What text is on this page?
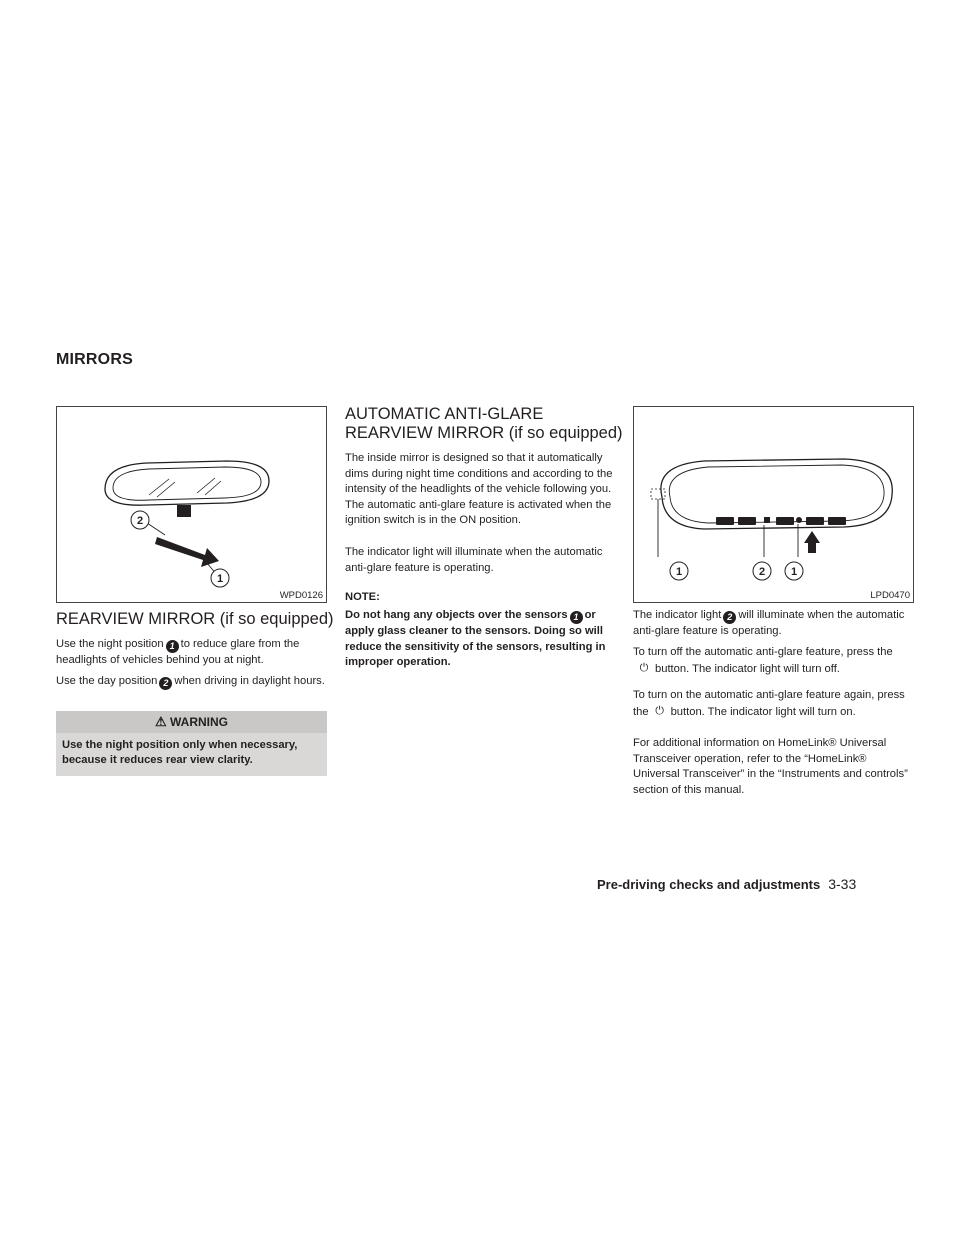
MIRRORS
2
1
WPD0126
REARVIEW MIRROR (if so equipped)

Use the night position 1 to reduce glare from the headlights of vehicles behind you at night.

Use the day position 2 when driving in daylight hours.

⚠ WARNING
Use the night position only when necessary, because it reduces rear view clarity.
AUTOMATIC ANTI-GLARE
REARVIEW MIRROR (if so equipped)

The inside mirror is designed so that it automatically dims during night time conditions and according to the intensity of the headlights of the vehicle following you. The automatic anti-glare feature is activated when the ignition switch is in the ON position.

The indicator light will illuminate when the automatic anti-glare feature is operating.

NOTE:

Do not hang any objects over the sensors 1 or apply glass cleaner to the sensors. Doing so will reduce the sensitivity of the sensors, resulting in improper operation.

1	2 1
LPD0470

The indicator light 2 will illuminate when the automatic anti-glare feature is operating.

To turn off the automatic anti-glare feature, press the⏻ button. The indicator light will turn off.

To turn on the automatic anti-glare feature again, press the ⏻ button. The indicator light will turn on.

For additional information on HomeLink® Universal Transceiver operation, refer to the “HomeLink® Universal Transceiver” in the “Instruments and controls” section of this manual.

Pre-driving checks and adjustments 3-33
